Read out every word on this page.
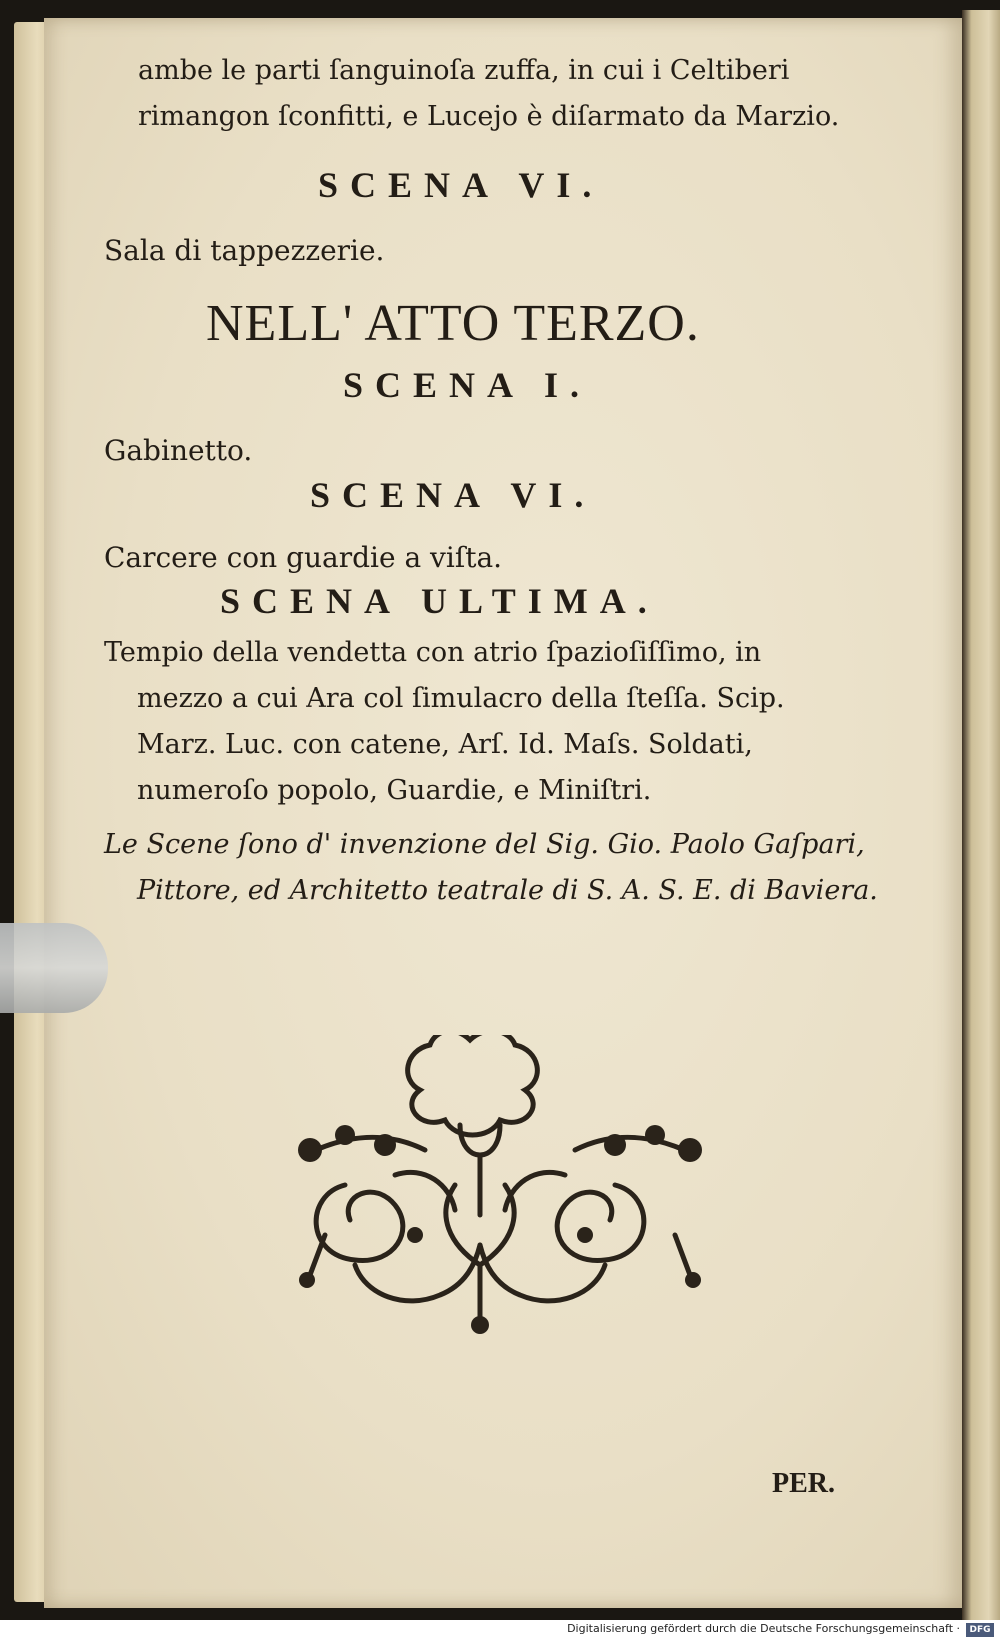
ambe le parti ſanguinoſa zuffa, in cui i Celtiberi

rimangon ſconfitti, e Lucejo è diſarmato da Marzio.

SCENA VI.

Sala di tappezzerie.

NELL' ATTO TERZO.

SCENA I.

Gabinetto.

SCENA VI.

Carcere con guardie a viſta.

SCENA ULTIMA.

Tempio della vendetta con atrio ſpazioſiſſimo, in

mezzo a cui Ara col ſimulacro della ſteſſa. Scip.

Marz. Luc. con catene, Arſ. Id. Maſs. Soldati,

numeroſo popolo, Guardie, e Miniſtri.

Le Scene ſono d' invenzione del Sig. Gio. Paolo Gaſpari,

Pittore, ed Architetto teatrale di S. A. S. E. di Baviera.

PER.

Digitalisierung gefördert durch die Deutsche Forschungsgemeinschaft ·	DFG
